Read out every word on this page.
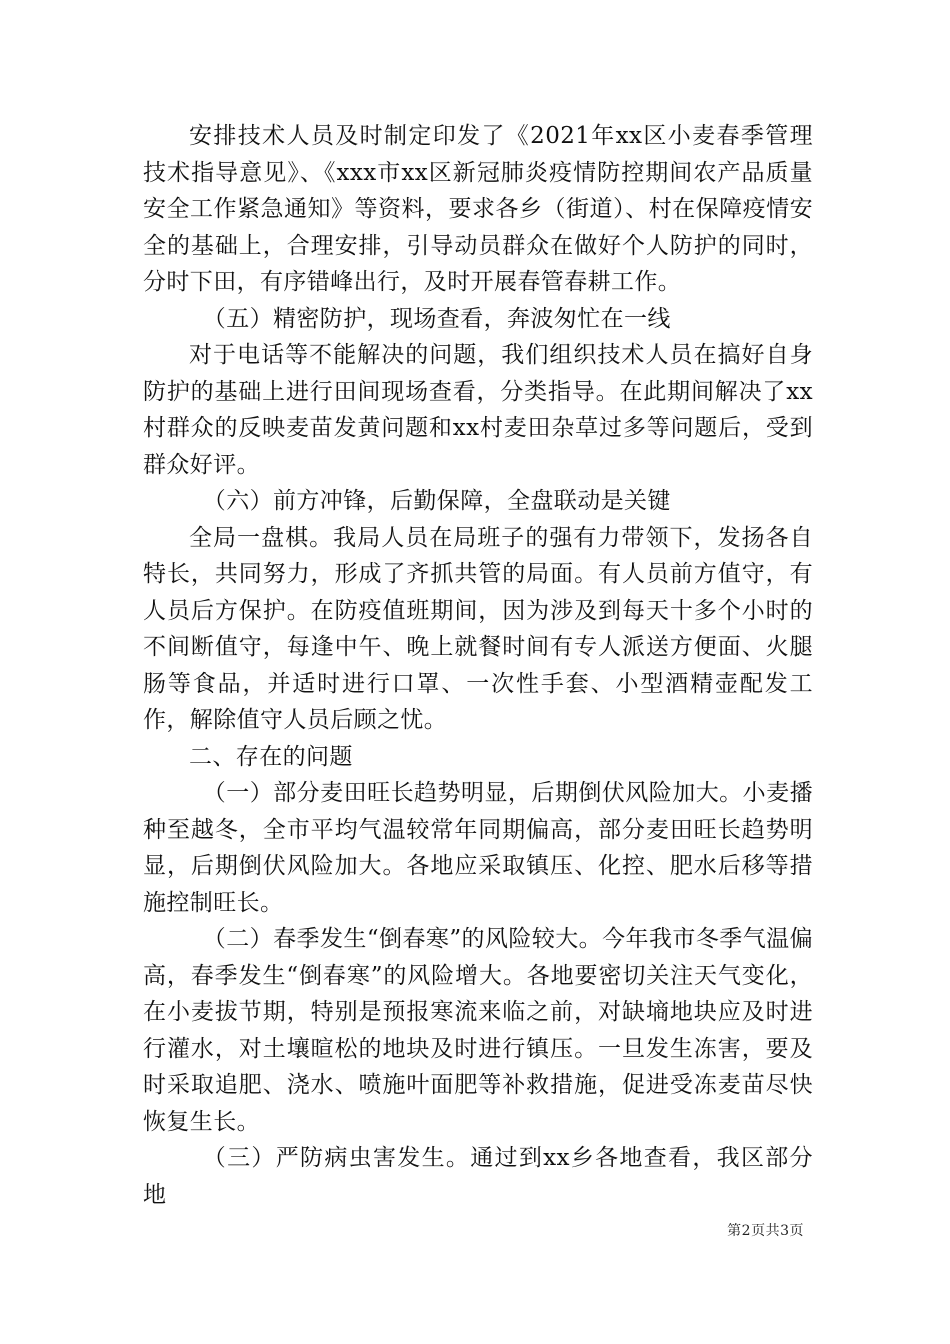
安排技术人员及时制定印发了《2021年xx区小麦春季管理技术指导意见》、《xxx市xx区新冠肺炎疫情防控期间农产品质量安全工作紧急通知》等资料，要求各乡（街道）、村在保障疫情安全的基础上，合理安排，引导动员群众在做好个人防护的同时，分时下田，有序错峰出行，及时开展春管春耕工作。

（五）精密防护，现场查看，奔波匆忙在一线

对于电话等不能解决的问题，我们组织技术人员在搞好自身防护的基础上进行田间现场查看，分类指导。在此期间解决了xx村群众的反映麦苗发黄问题和xx村麦田杂草过多等问题后，受到群众好评。

（六）前方冲锋，后勤保障，全盘联动是关键

全局一盘棋。我局人员在局班子的强有力带领下，发扬各自特长，共同努力，形成了齐抓共管的局面。有人员前方值守，有人员后方保护。在防疫值班期间，因为涉及到每天十多个小时的不间断值守，每逢中午、晚上就餐时间有专人派送方便面、火腿肠等食品，并适时进行口罩、一次性手套、小型酒精壶配发工作，解除值守人员后顾之忧。

二、存在的问题

（一）部分麦田旺长趋势明显，后期倒伏风险加大。小麦播种至越冬，全市平均气温较常年同期偏高，部分麦田旺长趋势明显，后期倒伏风险加大。各地应采取镇压、化控、肥水后移等措施控制旺长。

（二）春季发生“倒春寒”的风险较大。今年我市冬季气温偏高，春季发生“倒春寒”的风险增大。各地要密切关注天气变化，在小麦拔节期，特别是预报寒流来临之前，对缺墒地块应及时进行灌水，对土壤暄松的地块及时进行镇压。一旦发生冻害，要及时采取追肥、浇水、喷施叶面肥等补救措施，促进受冻麦苗尽快恢复生长。

（三）严防病虫害发生。通过到xx乡各地查看，我区部分地

第2页共3页
